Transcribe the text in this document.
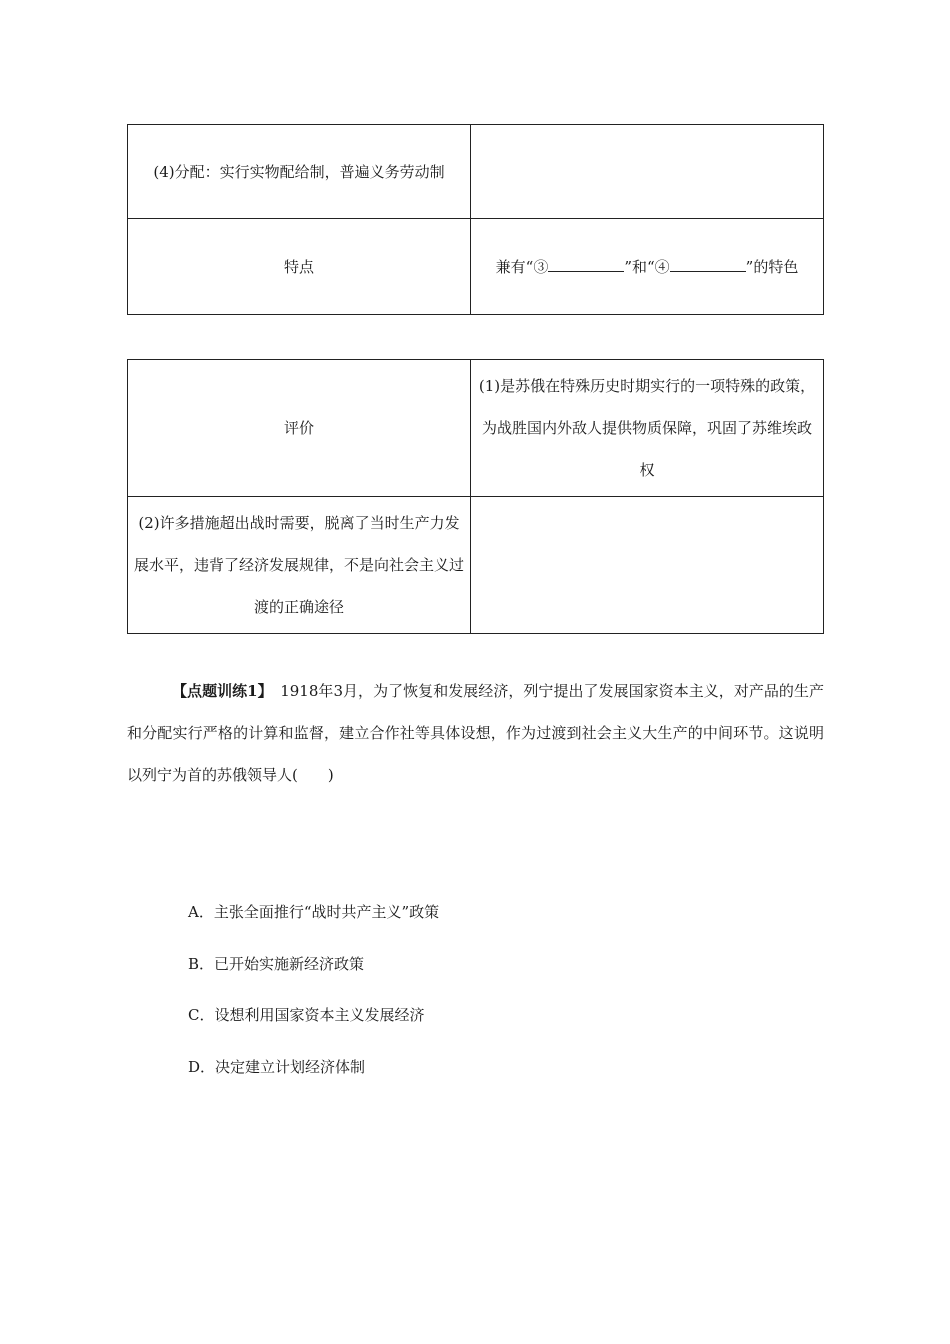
(4)分配：实行实物配给制，普遍义务劳动制	
特点	兼有“③ ”和“④ ”的特色
评价	(1)是苏俄在特殊历史时期实行的一项特殊的政策，为战胜国内外敌人提供物质保障，巩固了苏维埃政权
(2)许多措施超出战时需要，脱离了当时生产力发展水平，违背了经济发展规律，不是向社会主义过渡的正确途径	
【点题训练1】　1918年3月，为了恢复和发展经济，列宁提出了发展国家资本主义，对产品的生产和分配实行严格的计算和监督，建立合作社等具体设想，作为过渡到社会主义大生产的中间环节。这说明以列宁为首的苏俄领导人(　　)
A．主张全面推行“战时共产主义”政策
B．已开始实施新经济政策
C．设想利用国家资本主义发展经济
D．决定建立计划经济体制
